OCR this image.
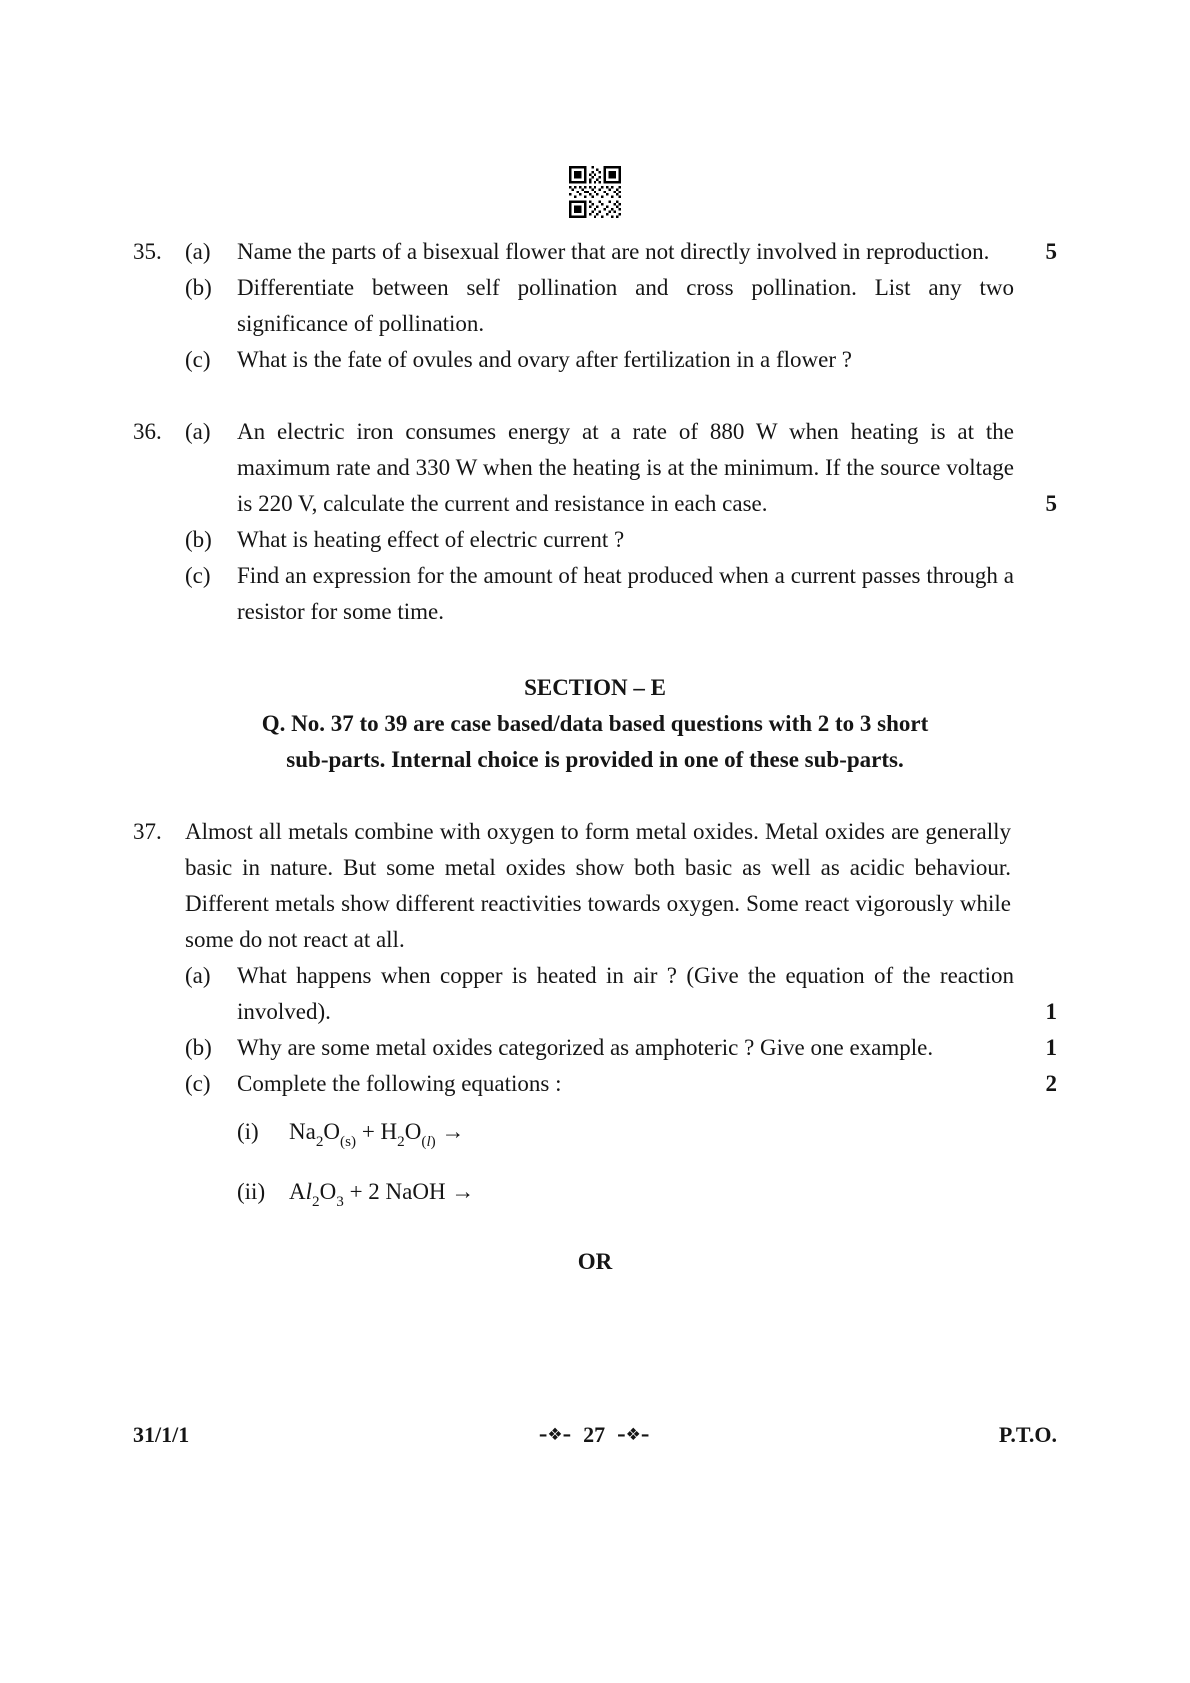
35.	(a)	Name the parts of a bisexual flower that are not directly involved in reproduction.	5
(b)	Differentiate between self pollination and cross pollination. List any two significance of pollination.
(c)	What is the fate of ovules and ovary after fertilization in a flower ?
36.	(a)	An electric iron consumes energy at a rate of 880 W when heating is at the maximum rate and 330 W when the heating is at the minimum. If the source voltage is 220 V, calculate the current and resistance in each case.	5
(b)	What is heating effect of electric current ?
(c)	Find an expression for the amount of heat produced when a current passes through a resistor for some time.
SECTION – E
Q. No. 37 to 39 are case based/data based questions with 2 to 3 short
sub-parts. Internal choice is provided in one of these sub-parts.
37.	Almost all metals combine with oxygen to form metal oxides. Metal oxides are generally basic in nature. But some metal oxides show both basic as well as acidic behaviour. Different metals show different reactivities towards oxygen. Some react vigorously while some do not react at all.
(a)	What happens when copper is heated in air ? (Give the equation of the reaction involved).	1
(b)	Why are some metal oxides categorized as amphoteric ? Give one example.	1
(c)	Complete the following equations :	2
(i)	$Na_2O_{(s)} + H_2O_{(l)}$ →
(ii)	$Al_2O_3 + 2$ NaOH →
OR
31/1/1	–❖– 27 –❖–	P.T.O.
